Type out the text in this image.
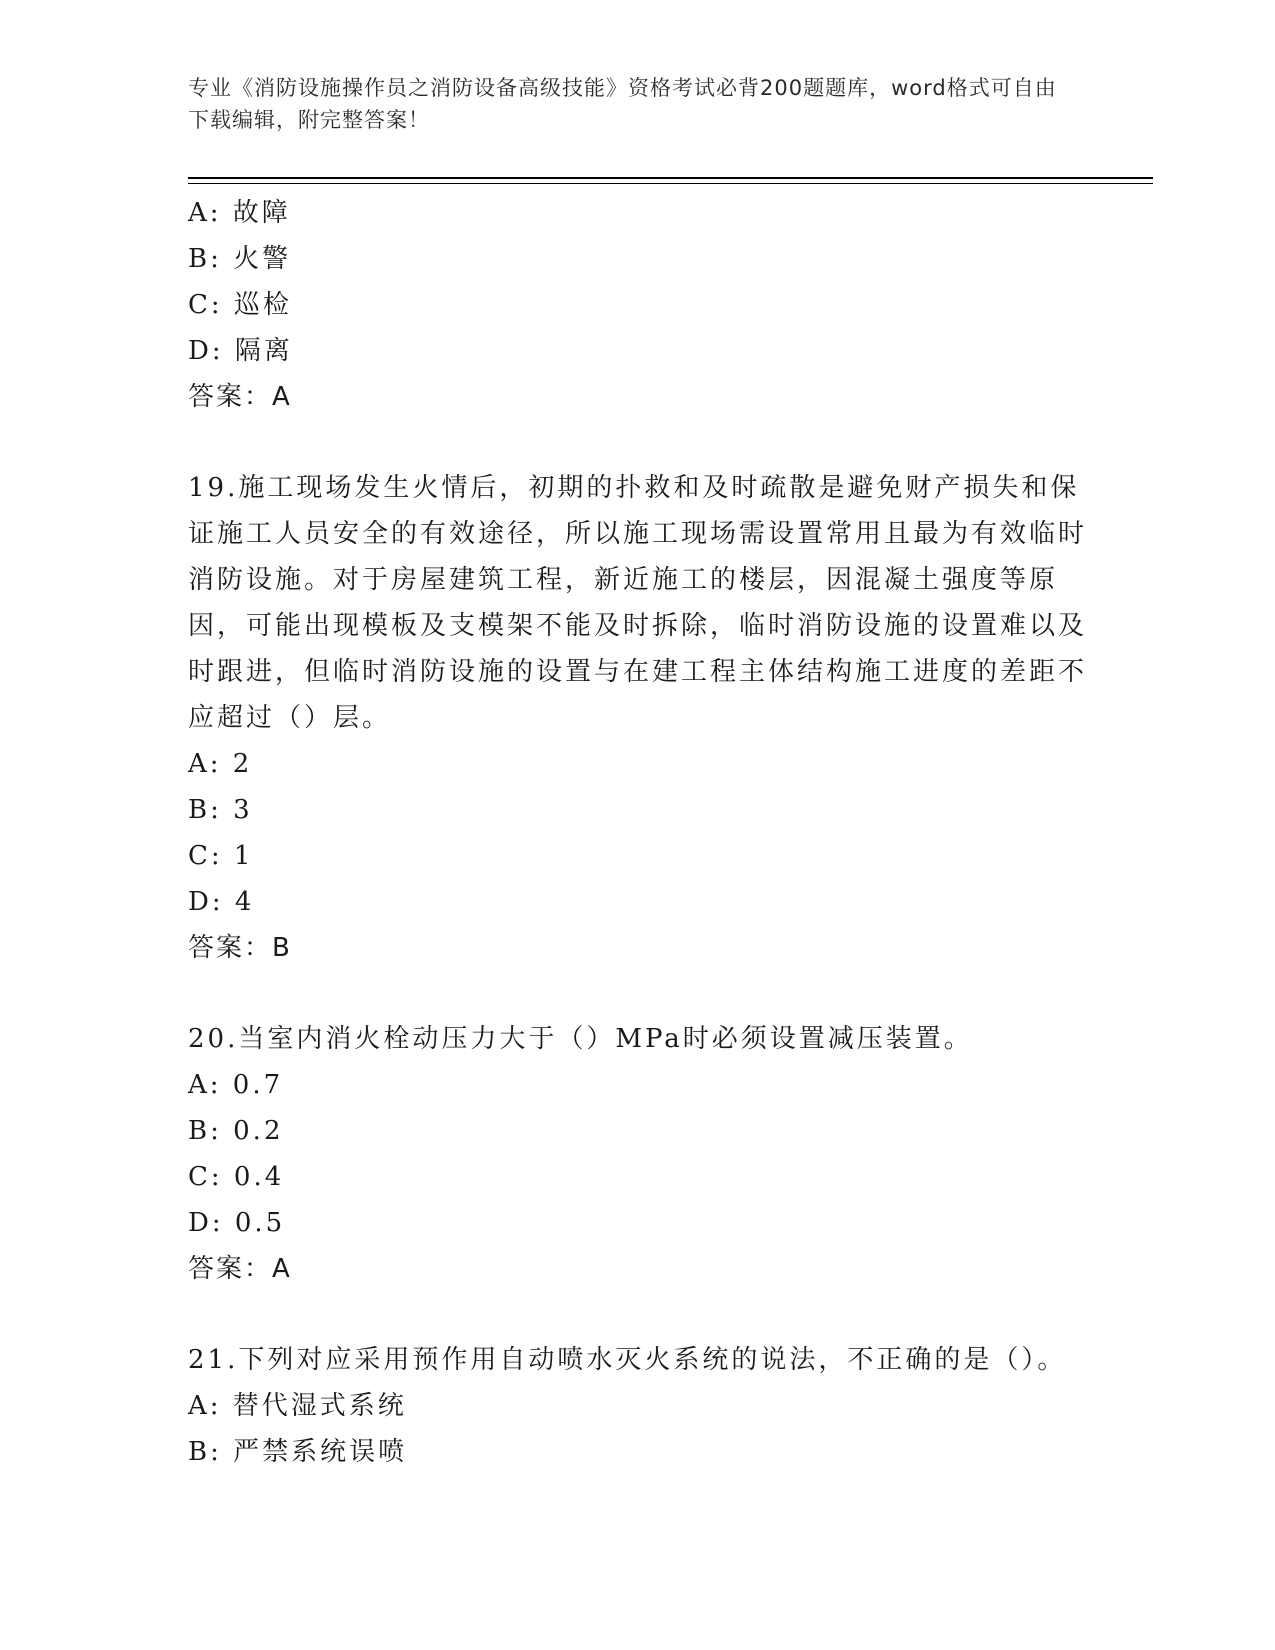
专业《消防设施操作员之消防设备高级技能》资格考试必背200题题库，word格式可自由下载编辑，附完整答案！

A: 故障

B: 火警

C: 巡检

D: 隔离

答案：A

19.施工现场发生火情后，初期的扑救和及时疏散是避免财产损失和保证施工人员安全的有效途径，所以施工现场需设置常用且最为有效临时消防设施。对于房屋建筑工程，新近施工的楼层，因混凝土强度等原因，可能出现模板及支模架不能及时拆除，临时消防设施的设置难以及时跟进，但临时消防设施的设置与在建工程主体结构施工进度的差距不应超过（）层。

A: 2

B: 3

C: 1

D: 4

答案：B

20.当室内消火栓动压力大于（）MPa时必须设置减压装置。

A: 0.7

B: 0.2

C: 0.4

D: 0.5

答案：A

21.下列对应采用预作用自动喷水灭火系统的说法，不正确的是（）。

A: 替代湿式系统

B: 严禁系统误喷
